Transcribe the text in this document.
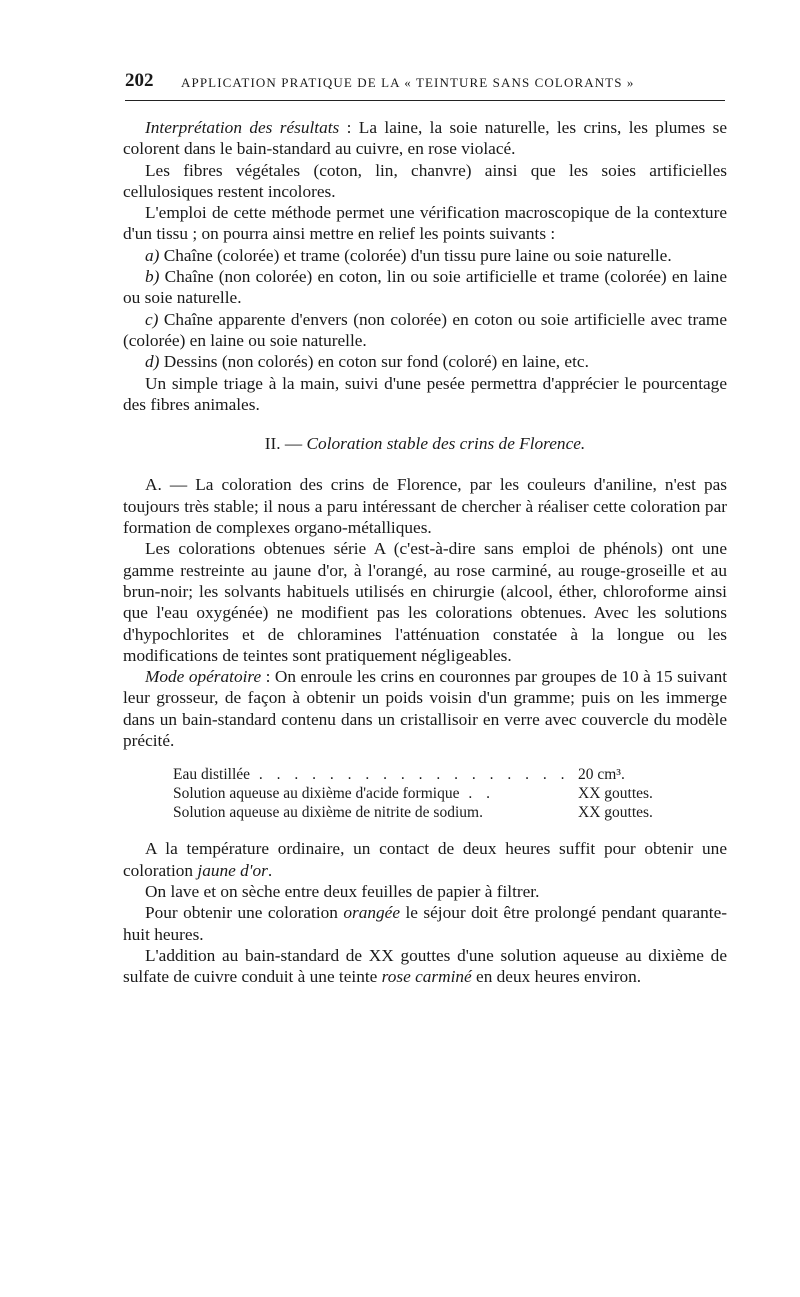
202 APPLICATION PRATIQUE DE LA « TEINTURE SANS COLORANTS »

Interprétation des résultats : La laine, la soie naturelle, les crins, les plumes se colorent dans le bain-standard au cuivre, en rose violacé.

Les fibres végétales (coton, lin, chanvre) ainsi que les soies artificielles cellulosiques restent incolores.

L'emploi de cette méthode permet une vérification macroscopique de la contexture d'un tissu ; on pourra ainsi mettre en relief les points suivants :

a) Chaîne (colorée) et trame (colorée) d'un tissu pure laine ou soie naturelle.

b) Chaîne (non colorée) en coton, lin ou soie artificielle et trame (colorée) en laine ou soie naturelle.

c) Chaîne apparente d'envers (non colorée) en coton ou soie artificielle avec trame (colorée) en laine ou soie naturelle.

d) Dessins (non colorés) en coton sur fond (coloré) en laine, etc.

Un simple triage à la main, suivi d'une pesée permettra d'apprécier le pourcentage des fibres animales.

II. — Coloration stable des crins de Florence.

A. — La coloration des crins de Florence, par les couleurs d'aniline, n'est pas toujours très stable; il nous a paru intéressant de chercher à réaliser cette coloration par formation de complexes organo-métalliques.

Les colorations obtenues série A (c'est-à-dire sans emploi de phénols) ont une gamme restreinte au jaune d'or, à l'orangé, au rose carminé, au rouge-groseille et au brun-noir; les solvants habituels utilisés en chirurgie (alcool, éther, chloroforme ainsi que l'eau oxygénée) ne modifient pas les colorations obtenues. Avec les solutions d'hypochlorites et de chloramines l'atténuation constatée à la longue ou les modifications de teintes sont pratiquement négligeables.

Mode opératoire : On enroule les crins en couronnes par groupes de 10 à 15 suivant leur grosseur, de façon à obtenir un poids voisin d'un gramme; puis on les immerge dans un bain-standard contenu dans un cristallisoir en verre avec couvercle du modèle précité.

Eau distillée . . . . . . . . . . . . . . . . . . 20 cm³.
Solution aqueuse au dixième d'acide formique . .	XX gouttes.
Solution aqueuse au dixième de nitrite de sodium.	XX gouttes.

A la température ordinaire, un contact de deux heures suffit pour obtenir une coloration jaune d'or.

On lave et on sèche entre deux feuilles de papier à filtrer.

Pour obtenir une coloration orangée le séjour doit être prolongé pendant quarante-huit heures.

L'addition au bain-standard de XX gouttes d'une solution aqueuse au dixième de sulfate de cuivre conduit à une teinte rose carminé en deux heures environ.
